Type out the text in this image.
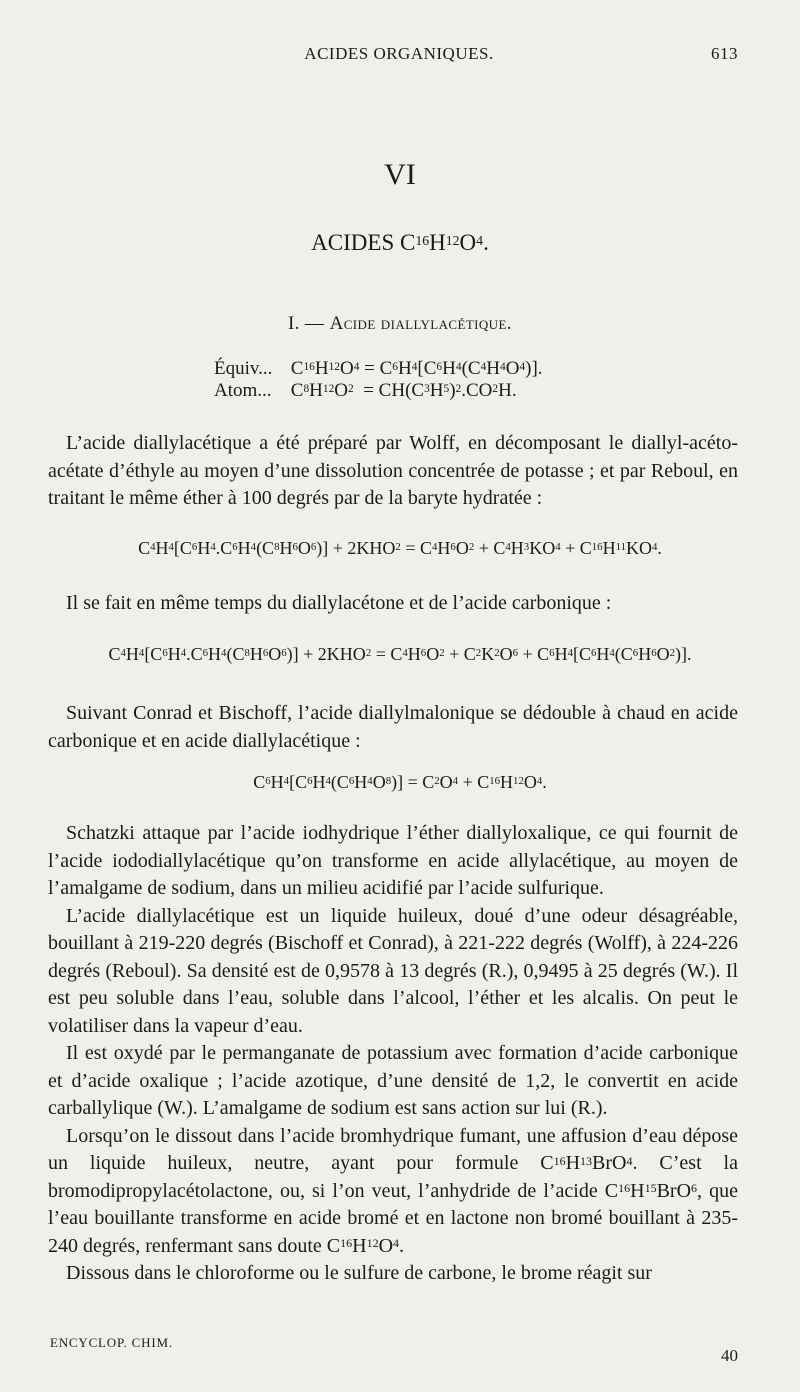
ACIDES ORGANIQUES.	613
VI
ACIDES $C^{16}H^{12}O^4$.
I. — Acide diallylacétique.
Équiv... $C^{16}H^{12}O^4 = C^6H^4[C^6H^4(C^4H^4O^4)]$.
Atom... $C^8H^{12}O^2 = CH(C^3H^5)^2.CO^2H$.

L’acide diallylacétique a été préparé par Wolff, en décomposant le diallyl-acéto-acétate d’éthyle au moyen d’une dissolution concentrée de potasse ; et par Reboul, en traitant le même éther à 100 degrés par de la baryte hydratée :

$C^4H^4[C^6H^4.C^6H^4(C^8H^6O^6)] + 2KHO^2 = C^4H^6O^2 + C^4H^3KO^4 + C^{16}H^{11}KO^4$.

Il se fait en même temps du diallylacétone et de l’acide carbonique :

$C^4H^4[C^6H^4.C^6H^4(C^8H^6O^6)] + 2KHO^2 = C^4H^6O^2 + C^2K^2O^6 + C^6H^4[C^6H^4(C^6H^6O^2)]$.

Suivant Conrad et Bischoff, l’acide diallylmalonique se dédouble à chaud en acide carbonique et en acide diallylacétique :

$C^6H^4[C^6H^4(C^6H^4O^8)] = C^2O^4 + C^{16}H^{12}O^4$.

Schatzki attaque par l’acide iodhydrique l’éther diallyloxalique, ce qui fournit de l’acide iododiallylacétique qu’on transforme en acide allylacétique, au moyen de l’amalgame de sodium, dans un milieu acidifié par l’acide sulfurique.

L’acide diallylacétique est un liquide huileux, doué d’une odeur désagréable, bouillant à 219-220 degrés (Bischoff et Conrad), à 221-222 degrés (Wolff), à 224-226 degrés (Reboul). Sa densité est de 0,9578 à 13 degrés (R.), 0,9495 à 25 degrés (W.). Il est peu soluble dans l’eau, soluble dans l’alcool, l’éther et les alcalis. On peut le volatiliser dans la vapeur d’eau.

Il est oxydé par le permanganate de potassium avec formation d’acide carbonique et d’acide oxalique ; l’acide azotique, d’une densité de 1,2, le convertit en acide carballylique (W.). L’amalgame de sodium est sans action sur lui (R.).

Lorsqu’on le dissout dans l’acide bromhydrique fumant, une affusion d’eau dépose un liquide huileux, neutre, ayant pour formule $C^{16}H^{13}BrO^4$. C’est la bromodipropylacétolactone, ou, si l’on veut, l’anhydride de l’acide $C^{16}H^{15}BrO^6$, que l’eau bouillante transforme en acide bromé et en lactone non bromé bouillant à 235-240 degrés, renfermant sans doute $C^{16}H^{12}O^4$.

Dissous dans le chloroforme ou le sulfure de carbone, le brome réagit sur

ENCYCLOP. CHIM.
40
